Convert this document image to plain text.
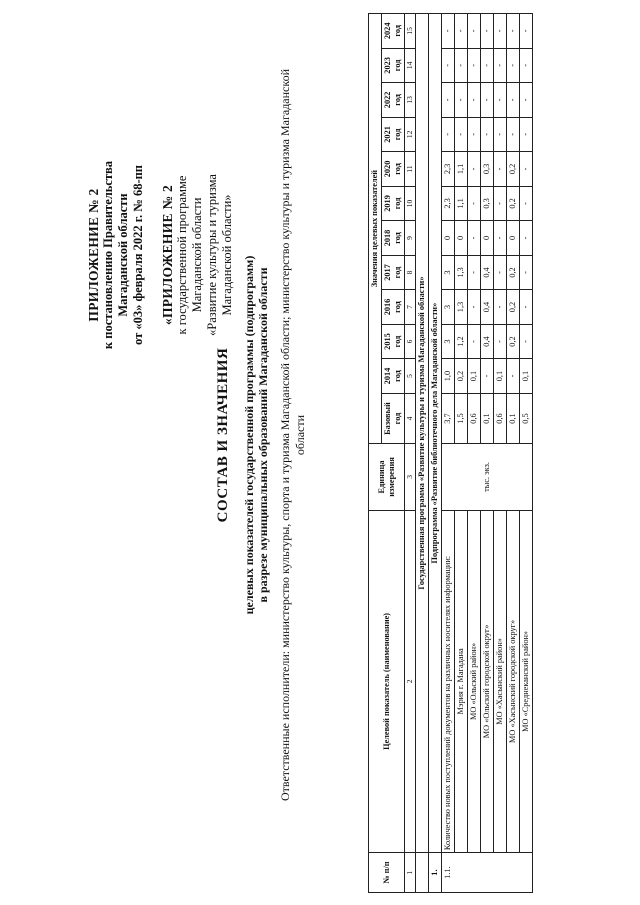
ПРИЛОЖЕНИЕ № 2 к постановлению Правительства Магаданской области от «03» февраля 2022 г. № 68-пп «ПРИЛОЖЕНИЕ № 2 к государственной программе Магаданской области «Развитие культуры и туризма Магаданской области»
СОСТАВ И ЗНАЧЕНИЯ целевых показателей государственной программы (подпрограмм) в разрезе муниципальных образований Магаданской области Ответственные исполнители: министерство культуры, спорта и туризма Магаданской области; министерство культуры и туризма Магаданской области
№ п/п	Целевой показатель (наименование)	Единица измерения	Значения целевых показателей											
			Базовый год	2014 год	2015 год	2016 год	2017 год	2018 год	2019 год	2020 год	2021 год	2022 год	2023 год	2024 год
1	2	3	4	5	6	7	8	9	10	11	12	13	14	15
	Государственная программа «Развитие культуры и туризма Магаданской области»													
1.	Подпрограмма «Развитие библиотечного дела Магаданской области»													
1.1.	Количество новых поступлений документов на различных носителях информации:	тыс. экз.	3,7	1,0	3	3	3	0	2,3	2,3	-	-	-	-
	Мэрия г. Магадана		1,5	0,2	1,2	1,3	1,3	0	1,1	1,1	-	-	-	-
	МО «Ольский район»		0,6	0,1	-	-	-	-	-	-	-	-	-	-
	МО «Ольский городской округ»		0,1	-	0,4	0,4	0,4	0	0,3	0,3	-	-	-	-
	МО «Хасынский район»		0,6	0,1	-	-	-	-	-	-	-	-	-	-
	МО «Хасынский городской округ»		0,1	-	0,2	0,2	0,2	0	0,2	0,2	-	-	-	-
	МО «Среднеканский район»		0,5	0,1	-	-	-	-	-	-	-	-	-	-
